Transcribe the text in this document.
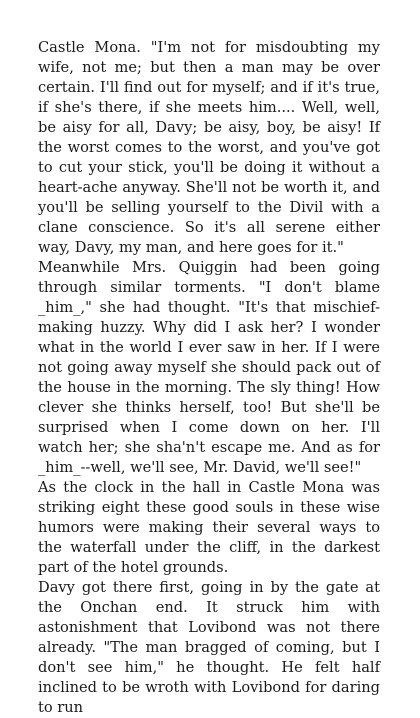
Castle Mona. "I'm not for misdoubting my wife, not me; but then a man may be over certain. I'll find out for myself; and if it's true, if she's there, if she meets him.... Well, well, be aisy for all, Davy; be aisy, boy, be aisy! If the worst comes to the worst, and you've got to cut your stick, you'll be doing it without a heart-ache anyway. She'll not be worth it, and you'll be selling yourself to the Divil with a clane conscience. So it's all serene either way, Davy, my man, and here goes for it."

Meanwhile Mrs. Quiggin had been going through similar torments. "I don't blame _him_," she had thought. "It's that mischief-making huzzy. Why did I ask her? I wonder what in the world I ever saw in her. If I were not going away myself she should pack out of the house in the morning. The sly thing! How clever she thinks herself, too! But she'll be surprised when I come down on her. I'll watch her; she sha'n't escape me. And as for _him_--well, we'll see, Mr. David, we'll see!"

As the clock in the hall in Castle Mona was striking eight these good souls in these wise humors were making their several ways to the waterfall under the cliff, in the darkest part of the hotel grounds.

Davy got there first, going in by the gate at the Onchan end. It struck him with astonishment that Lovibond was not there already. "The man bragged of coming, but I don't see him," he thought. He felt half inclined to be wroth with Lovibond for daring to run
